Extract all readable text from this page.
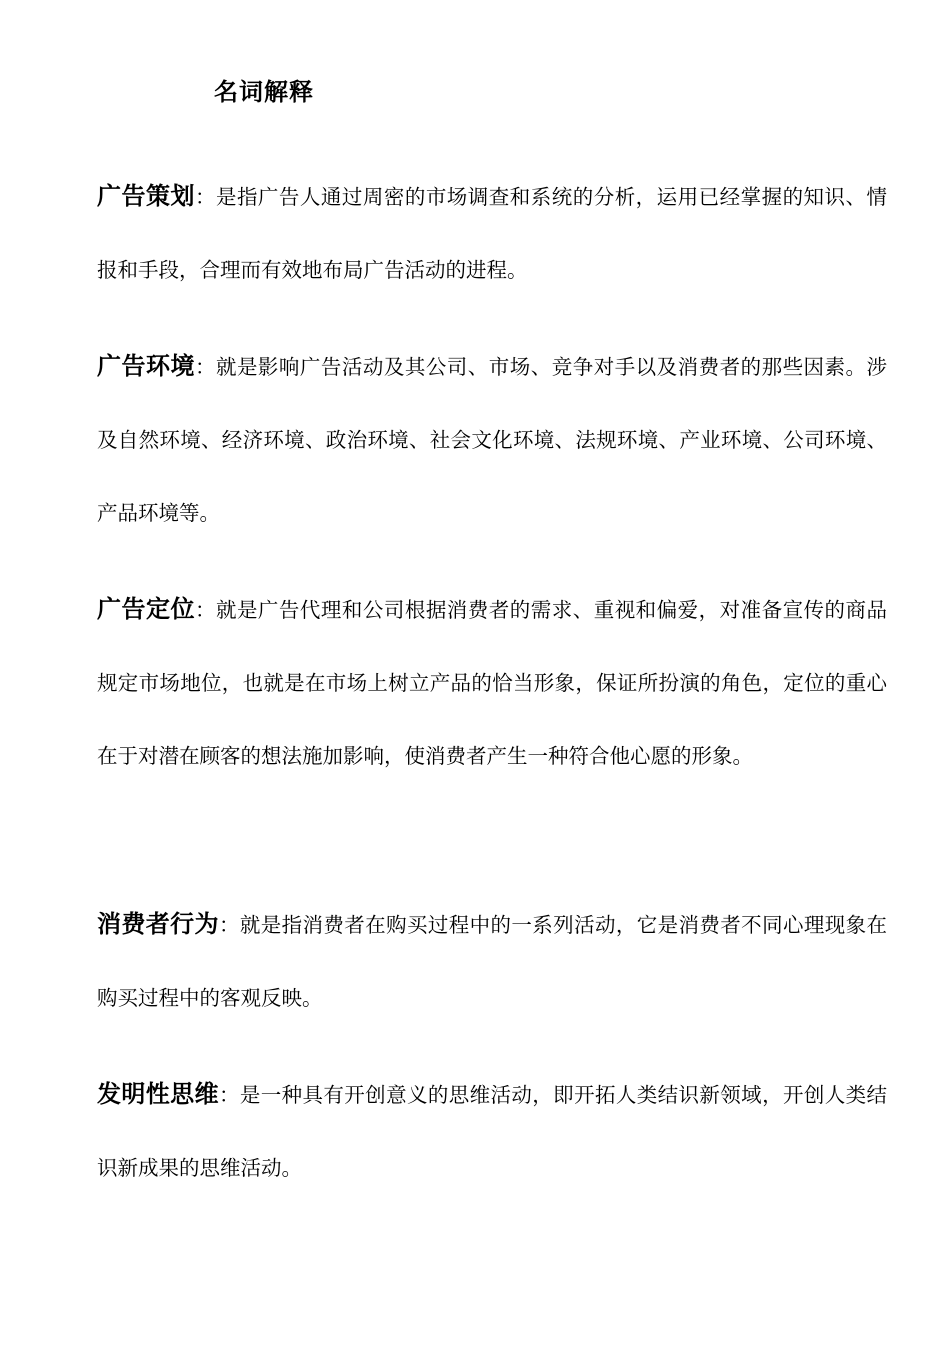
名词解释

广告策划：是指广告人通过周密的市场调查和系统的分析，运用已经掌握的知识、情报和手段，合理而有效地布局广告活动的进程。

广告环境：就是影响广告活动及其公司、市场、竞争对手以及消费者的那些因素。涉及自然环境、经济环境、政治环境、社会文化环境、法规环境、产业环境、公司环境、产品环境等。

广告定位：就是广告代理和公司根据消费者的需求、重视和偏爱，对准备宣传的商品规定市场地位，也就是在市场上树立产品的恰当形象，保证所扮演的角色，定位的重心在于对潜在顾客的想法施加影响，使消费者产生一种符合他心愿的形象。

消费者行为：就是指消费者在购买过程中的一系列活动，它是消费者不同心理现象在购买过程中的客观反映。

发明性思维：是一种具有开创意义的思维活动，即开拓人类结识新领域，开创人类结识新成果的思维活动。
